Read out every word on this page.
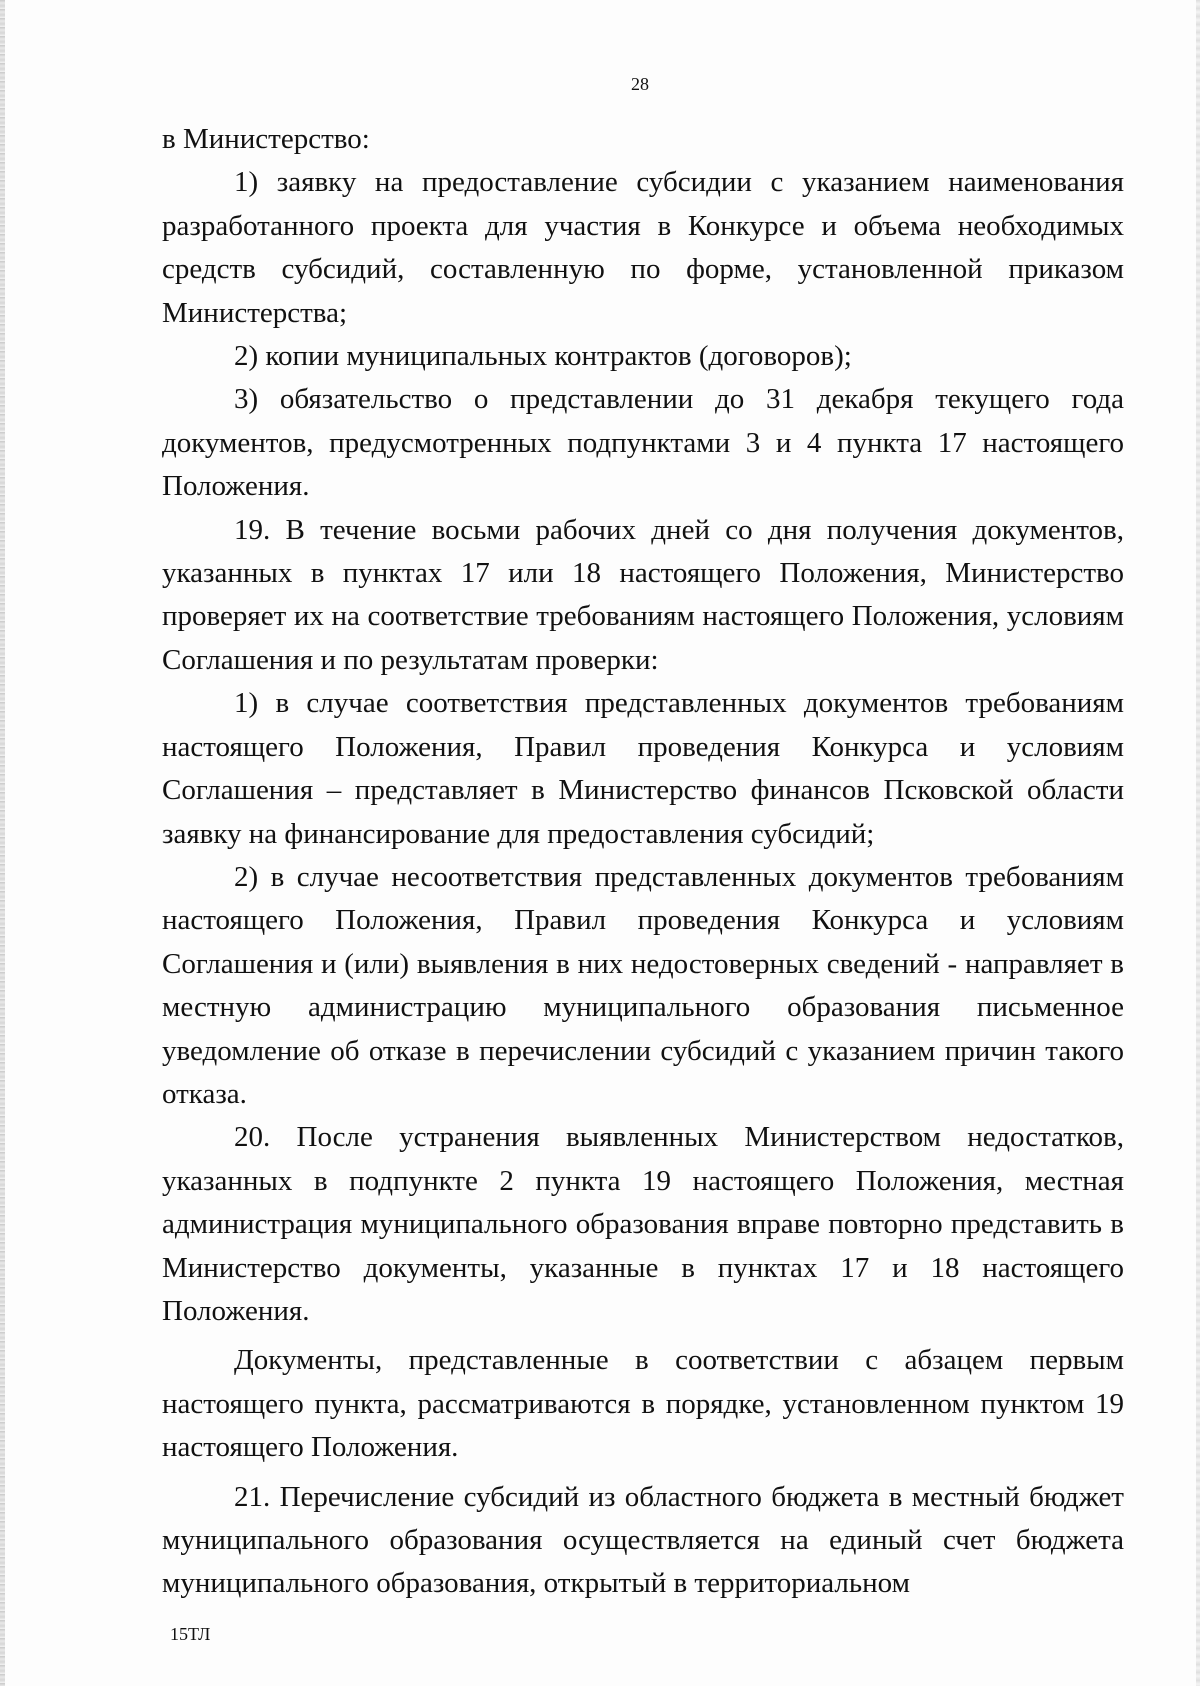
28

в Министерство:

1) заявку на предоставление субсидии с указанием наименования разработанного проекта для участия в Конкурсе и объема необходимых средств субсидий, составленную по форме, установленной приказом Министерства;

2) копии муниципальных контрактов (договоров);

3) обязательство о представлении до 31 декабря текущего года документов, предусмотренных подпунктами 3 и 4 пункта 17 настоящего Положения.

19. В течение восьми рабочих дней со дня получения документов, указанных в пунктах 17 или 18 настоящего Положения, Министерство проверяет их на соответствие требованиям настоящего Положения, условиям Соглашения и по результатам проверки:

1) в случае соответствия представленных документов требованиям настоящего Положения, Правил проведения Конкурса и условиям Соглашения – представляет в Министерство финансов Псковской области заявку на финансирование для предоставления субсидий;

2) в случае несоответствия представленных документов требованиям настоящего Положения, Правил проведения Конкурса и условиям Соглашения и (или) выявления в них недостоверных сведений - направляет в местную администрацию муниципального образования письменное уведомление об отказе в перечислении субсидий с указанием причин такого отказа.

20. После устранения выявленных Министерством недостатков, указанных в подпункте 2 пункта 19 настоящего Положения, местная администрация муниципального образования вправе повторно представить в Министерство документы, указанные в пунктах 17 и 18 настоящего Положения.

Документы, представленные в соответствии с абзацем первым настоящего пункта, рассматриваются в порядке, установленном пунктом 19 настоящего Положения.

21. Перечисление субсидий из областного бюджета в местный бюджет муниципального образования осуществляется на единый счет бюджета муниципального образования, открытый в территориальном

15ТЛ
